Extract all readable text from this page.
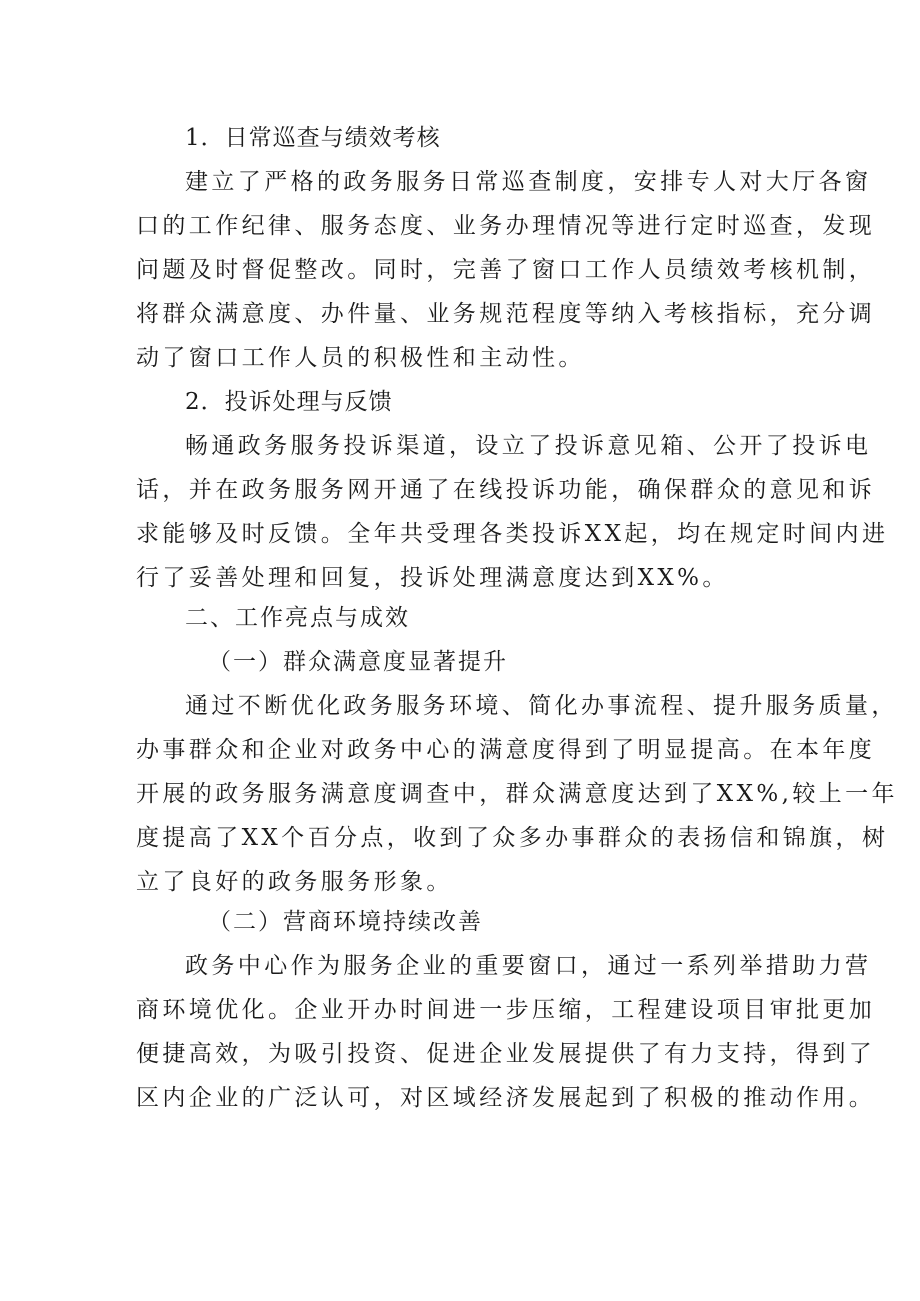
1．日常巡查与绩效考核
建立了严格的政务服务日常巡查制度，安排专人对大厅各窗
口的工作纪律、服务态度、业务办理情况等进行定时巡查，发现
问题及时督促整改。同时，完善了窗口工作人员绩效考核机制，
将群众满意度、办件量、业务规范程度等纳入考核指标，充分调
动了窗口工作人员的积极性和主动性。
2．投诉处理与反馈
畅通政务服务投诉渠道，设立了投诉意见箱、公开了投诉电
话，并在政务服务网开通了在线投诉功能，确保群众的意见和诉
求能够及时反馈。全年共受理各类投诉XX起，均在规定时间内进
行了妥善处理和回复，投诉处理满意度达到XX%。
二、工作亮点与成效
（一）群众满意度显著提升
通过不断优化政务服务环境、简化办事流程、提升服务质量，
办事群众和企业对政务中心的满意度得到了明显提高。在本年度
开展的政务服务满意度调查中，群众满意度达到了XX%,较上一年
度提高了XX个百分点，收到了众多办事群众的表扬信和锦旗，树
立了良好的政务服务形象。
（二）营商环境持续改善
政务中心作为服务企业的重要窗口，通过一系列举措助力营
商环境优化。企业开办时间进一步压缩，工程建设项目审批更加
便捷高效，为吸引投资、促进企业发展提供了有力支持，得到了
区内企业的广泛认可，对区域经济发展起到了积极的推动作用。
